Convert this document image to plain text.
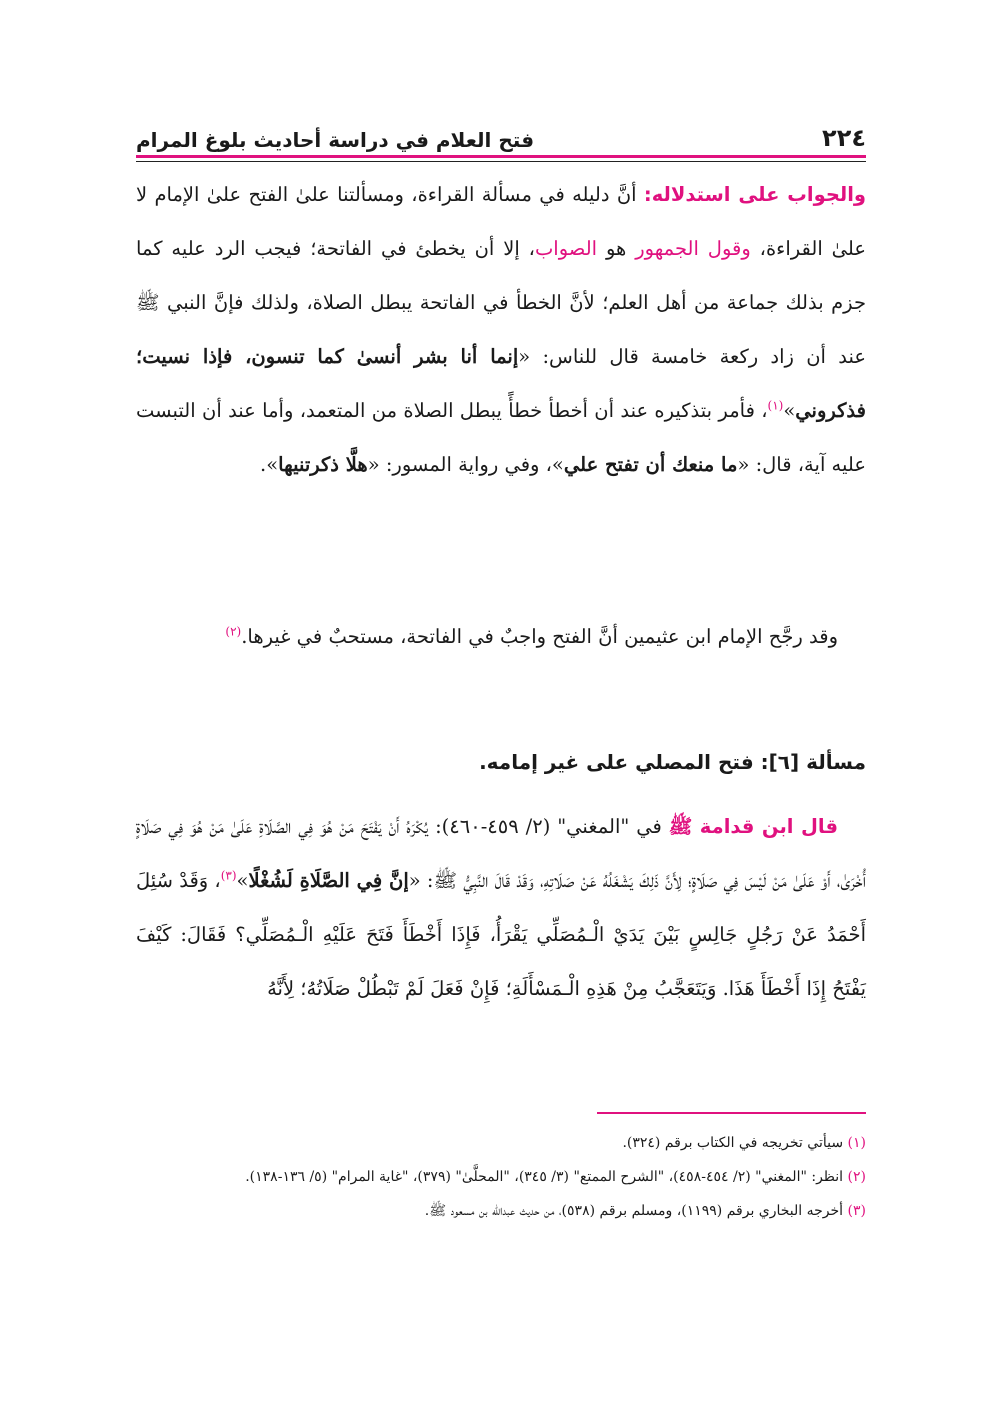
٢٢٤
فتح العلام في دراسة أحاديث بلوغ المرام
والجواب على استدلاله: أنَّ دليله في مسألة القراءة، ومسألتنا علىٰ الفتح علىٰ الإمام لا علىٰ القراءة، وقول الجمهور هو الصواب، إلا أن يخطئ في الفاتحة؛ فيجب الرد عليه كما جزم بذلك جماعة من أهل العلم؛ لأنَّ الخطأ في الفاتحة يبطل الصلاة، ولذلك فإنَّ النبي ﷺ عند أن زاد ركعة خامسة قال للناس: «إنما أنا بشر أنسىٰ كما تنسون، فإذا نسيت؛ فذكروني»$^{(١)}$، فأمر بتذكيره عند أن أخطأ خطأً يبطل الصلاة من المتعمد، وأما عند أن التبست عليه آية، قال: «ما منعك أن تفتح علي»، وفي رواية المسور: «هلَّا ذكرتنيها».
وقد رجَّح الإمام ابن عثيمين أنَّ الفتح واجبٌ في الفاتحة، مستحبٌ في غيرها.$^{(٢)}$
مسألة [٦]: فتح المصلي على غير إمامه.
قال ابن قدامة ﷺ في "المغني" (٢/ ٤٥٩-٤٦٠): يُكْرَهُ أَنْ يَفْتَحَ مَنْ هُوَ فِي الصَّلَاةِ عَلَىٰ مَنْ هُوَ فِي صَلَاةٍ أُخْرَىٰ، أَوْ عَلَىٰ مَنْ لَيْسَ فِي صَلَاةٍ؛ لِأَنَّ ذَلِكَ يَشْغَلُهُ عَنْ صَلَاتِهِ، وَقَدْ قَالَ النَّبِيُّ ﷺ: «إنَّ فِي الصَّلَاةِ لَشُغْلًا»$^{(٣)}$، وَقَدْ سُئِلَ أَحْمَدُ عَنْ رَجُلٍ جَالِسٍ بَيْنَ يَدَيْ الْـمُصَلِّي يَقْرَأُ، فَإِذَا أَخْطَأَ فَتَحَ عَلَيْهِ الْـمُصَلِّي؟ فَقَالَ: كَيْفَ يَفْتَحُ إِذَا أَخْطَأَ هَذَا. وَيَتَعَجَّبُ مِنْ هَذِهِ الْـمَسْأَلَةِ؛ فَإِنْ فَعَلَ لَمْ تَبْطُلْ صَلَاتُهُ؛ لِأَنَّهُ

(١) سيأتي تخريجه في الكتاب برقم (٣٢٤).

(٢) انظر: "المغني" (٢/ ٤٥٤-٤٥٨)، "الشرح الممتع" (٣/ ٣٤٥)، "المحلَّىٰ" (٣٧٩)، "غاية المرام" (٥/ ١٣٦-١٣٨).

(٣) أخرجه البخاري برقم (١١٩٩)، ومسلم برقم (٥٣٨)، من حديث عبدالله بن مسعود ﷺ.
